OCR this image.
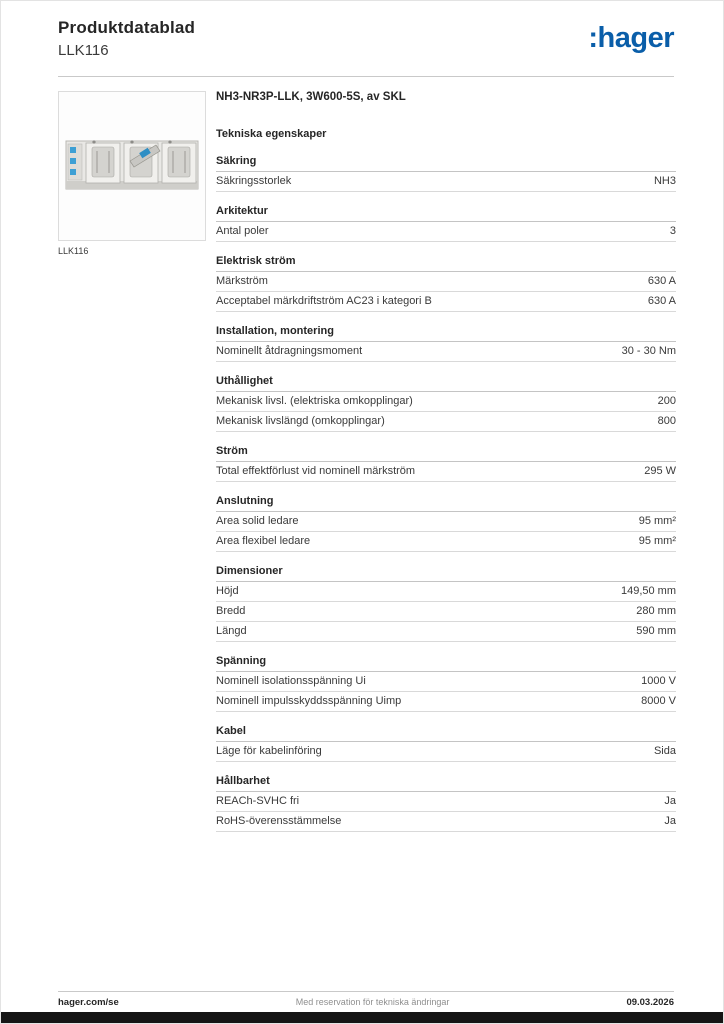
Produktdatablad
LLK116	:hager
LLK116
NH3-NR3P-LLK, 3W600-5S, av SKL
Tekniska egenskaper
Säkring
Säkringsstorlek	NH3
Arkitektur
Antal poler	3
Elektrisk ström
Märkström	630 A
Acceptabel märkdriftström AC23 i kategori B	630 A
Installation, montering
Nominellt åtdragningsmoment	30 - 30 Nm
Uthållighet
Mekanisk livsl. (elektriska omkopplingar)	200
Mekanisk livslängd (omkopplingar)	800
Ström
Total effektförlust vid nominell märkström	295 W
Anslutning
Area solid ledare	95 mm²
Area flexibel ledare	95 mm²
Dimensioner
Höjd	149,50 mm
Bredd	280 mm
Längd	590 mm
Spänning
Nominell isolationsspänning Ui	1000 V
Nominell impulsskyddsspänning Uimp	8000 V
Kabel
Läge för kabelinföring	Sida
Hållbarhet
REACh-SVHC fri	Ja
RoHS-överensstämmelse	Ja
hager.com/se	Med reservation för tekniska ändringar	09.03.2026
